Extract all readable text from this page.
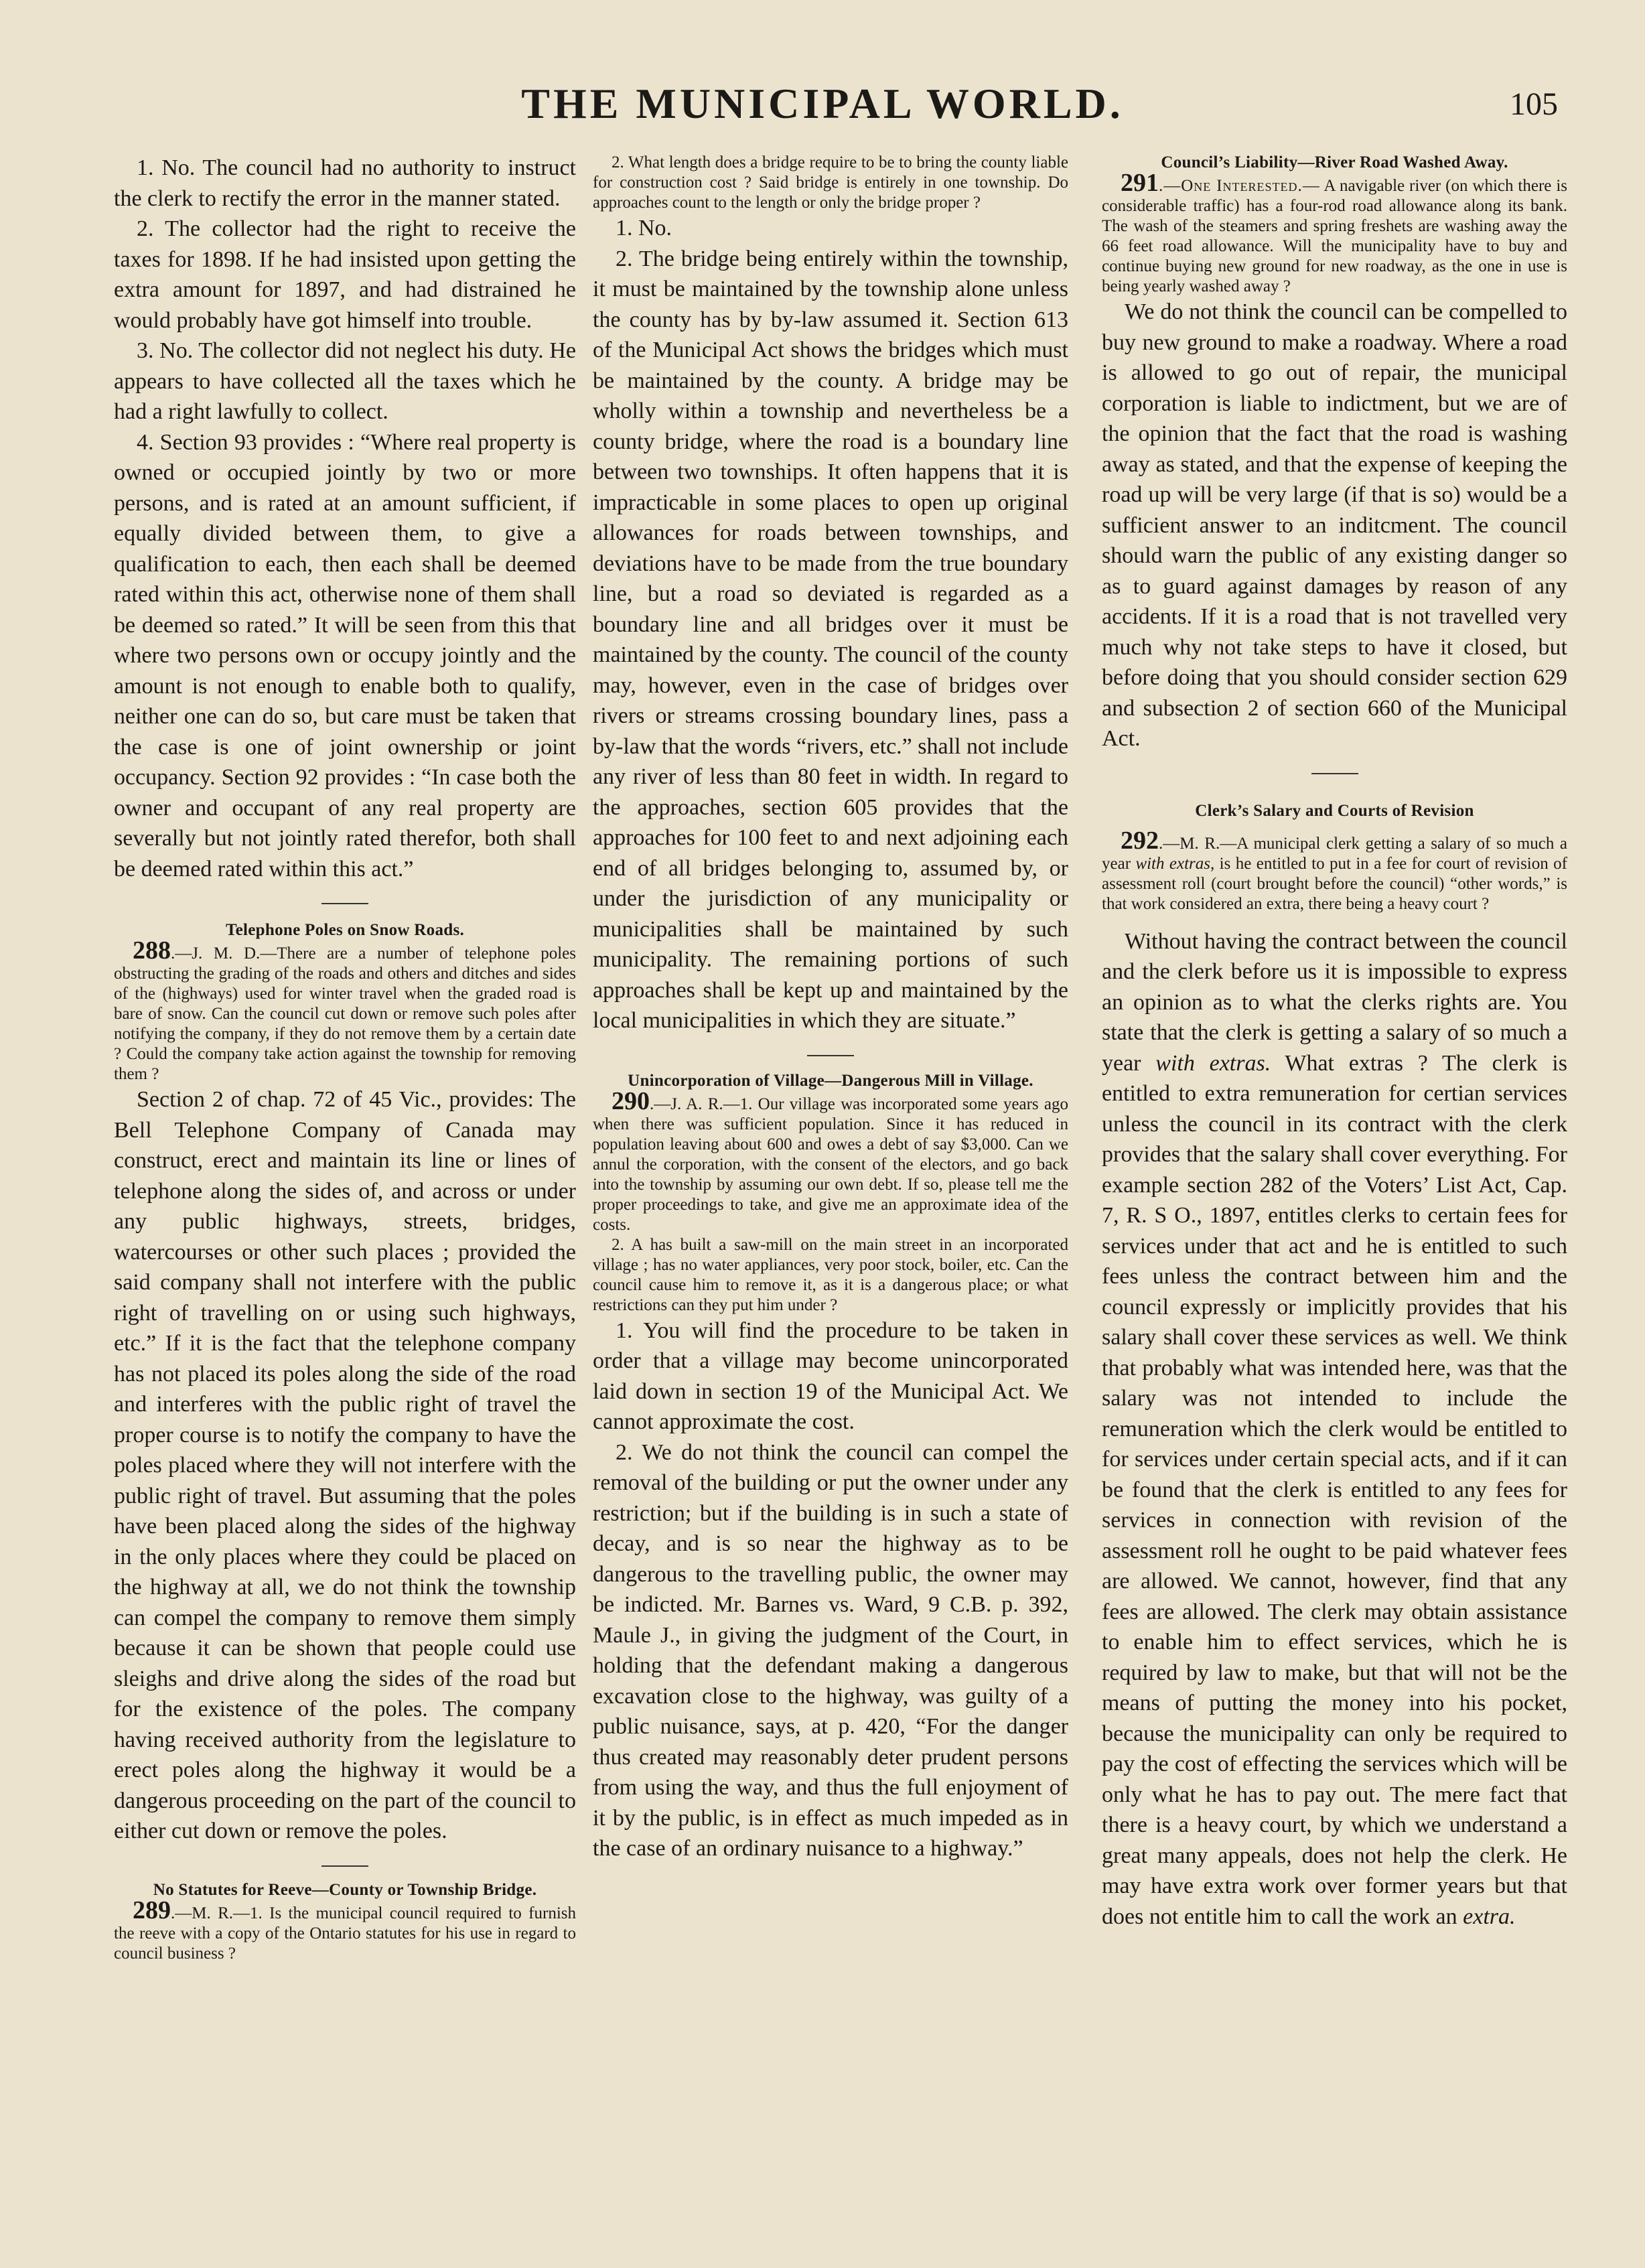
THE MUNICIPAL WORLD.	105

1. No. The council had no authority to instruct the clerk to rectify the error in the manner stated.

2. The collector had the right to receive the taxes for 1898. If he had insisted upon getting the extra amount for 1897, and had distrained he would probably have got himself into trouble.

3. No. The collector did not neglect his duty. He appears to have collected all the taxes which he had a right lawfully to collect.

4. Section 93 provides : “Where real property is owned or occupied jointly by two or more persons, and is rated at an amount sufficient, if equally divided between them, to give a qualification to each, then each shall be deemed rated within this act, otherwise none of them shall be deemed so rated.” It will be seen from this that where two persons own or occupy jointly and the amount is not enough to enable both to qualify, neither one can do so, but care must be taken that the case is one of joint ownership or joint occupancy. Section 92 provides : “In case both the owner and occupant of any real property are severally but not jointly rated therefor, both shall be deemed rated within this act.”

Telephone Poles on Snow Roads.

288.—J. M. D.—There are a number of telephone poles obstructing the grading of the roads and others and ditches and sides of the (highways) used for winter travel when the graded road is bare of snow. Can the council cut down or remove such poles after notifying the company, if they do not remove them by a certain date ? Could the company take action against the township for removing them ?

Section 2 of chap. 72 of 45 Vic., provides: The Bell Telephone Company of Canada may construct, erect and maintain its line or lines of telephone along the sides of, and across or under any public highways, streets, bridges, watercourses or other such places ; provided the said company shall not interfere with the public right of travelling on or using such highways, etc.” If it is the fact that the telephone company has not placed its poles along the side of the road and interferes with the public right of travel the proper course is to notify the company to have the poles placed where they will not interfere with the public right of travel. But assuming that the poles have been placed along the sides of the highway in the only places where they could be placed on the highway at all, we do not think the township can compel the company to remove them simply because it can be shown that people could use sleighs and drive along the sides of the road but for the existence of the poles. The company having received authority from the legislature to erect poles along the highway it would be a dangerous proceeding on the part of the council to either cut down or remove the poles.

No Statutes for Reeve—County or Township Bridge.

289.—M. R.—1. Is the municipal council required to furnish the reeve with a copy of the Ontario statutes for his use in regard to council business ?

2. What length does a bridge require to be to bring the county liable for construction cost ? Said bridge is entirely in one township. Do approaches count to the length or only the bridge proper ?

1. No.

2. The bridge being entirely within the township, it must be maintained by the township alone unless the county has by by-law assumed it. Section 613 of the Municipal Act shows the bridges which must be maintained by the county. A bridge may be wholly within a township and nevertheless be a county bridge, where the road is a boundary line between two townships. It often happens that it is impracticable in some places to open up original allowances for roads between townships, and deviations have to be made from the true boundary line, but a road so deviated is regarded as a boundary line and all bridges over it must be maintained by the county. The council of the county may, however, even in the case of bridges over rivers or streams crossing boundary lines, pass a by-law that the words “rivers, etc.” shall not include any river of less than 80 feet in width. In regard to the approaches, section 605 provides that the approaches for 100 feet to and next adjoining each end of all bridges belonging to, assumed by, or under the jurisdiction of any municipality or municipalities shall be maintained by such municipality. The remaining portions of such approaches shall be kept up and maintained by the local municipalities in which they are situate.”

Unincorporation of Village—Dangerous Mill in Village.

290.—J. A. R.—1. Our village was incorporated some years ago when there was sufficient population. Since it has reduced in population leaving about 600 and owes a debt of say $3,000. Can we annul the corporation, with the consent of the electors, and go back into the township by assuming our own debt. If so, please tell me the proper proceedings to take, and give me an approximate idea of the costs.

2. A has built a saw-mill on the main street in an incorporated village ; has no water appliances, very poor stock, boiler, etc. Can the council cause him to remove it, as it is a dangerous place; or what restrictions can they put him under ?

1. You will find the procedure to be taken in order that a village may become unincorporated laid down in section 19 of the Municipal Act. We cannot approximate the cost.

2. We do not think the council can compel the removal of the building or put the owner under any restriction; but if the building is in such a state of decay, and is so near the highway as to be dangerous to the travelling public, the owner may be indicted. Mr. Barnes vs. Ward, 9 C.B. p. 392, Maule J., in giving the judgment of the Court, in holding that the defendant making a dangerous excavation close to the highway, was guilty of a public nuisance, says, at p. 420, “For the danger thus created may reasonably deter prudent persons from using the way, and thus the full enjoyment of it by the public, is in effect as much impeded as in the case of an ordinary nuisance to a highway.”

Council’s Liability—River Road Washed Away.

291.—One Interested.— A navigable river (on which there is considerable traffic) has a four-rod road allowance along its bank. The wash of the steamers and spring freshets are washing away the 66 feet road allowance. Will the municipality have to buy and continue buying new ground for new roadway, as the one in use is being yearly washed away ?

We do not think the council can be compelled to buy new ground to make a roadway. Where a road is allowed to go out of repair, the municipal corporation is liable to indictment, but we are of the opinion that the fact that the road is washing away as stated, and that the expense of keeping the road up will be very large (if that is so) would be a sufficient answer to an inditcment. The council should warn the public of any existing danger so as to guard against damages by reason of any accidents. If it is a road that is not travelled very much why not take steps to have it closed, but before doing that you should consider section 629 and subsection 2 of section 660 of the Municipal Act.

Clerk’s Salary and Courts of Revision

292.—M. R.—A municipal clerk getting a salary of so much a year with extras, is he entitled to put in a fee for court of revision of assessment roll (court brought before the council) “other words,” is that work considered an extra, there being a heavy court ?

Without having the contract between the council and the clerk before us it is impossible to express an opinion as to what the clerks rights are. You state that the clerk is getting a salary of so much a year with extras. What extras ? The clerk is entitled to extra remuneration for certian services unless the council in its contract with the clerk provides that the salary shall cover everything. For example section 282 of the Voters’ List Act, Cap. 7, R. S O., 1897, entitles clerks to certain fees for services under that act and he is entitled to such fees unless the contract between him and the council expressly or implicitly provides that his salary shall cover these services as well. We think that probably what was intended here, was that the salary was not intended to include the remuneration which the clerk would be entitled to for services under certain special acts, and if it can be found that the clerk is entitled to any fees for services in connection with revision of the assessment roll he ought to be paid whatever fees are allowed. We cannot, however, find that any fees are allowed. The clerk may obtain assistance to enable him to effect services, which he is required by law to make, but that will not be the means of putting the money into his pocket, because the municipality can only be required to pay the cost of effecting the services which will be only what he has to pay out. The mere fact that there is a heavy court, by which we understand a great many appeals, does not help the clerk. He may have extra work over former years but that does not entitle him to call the work an extra.
